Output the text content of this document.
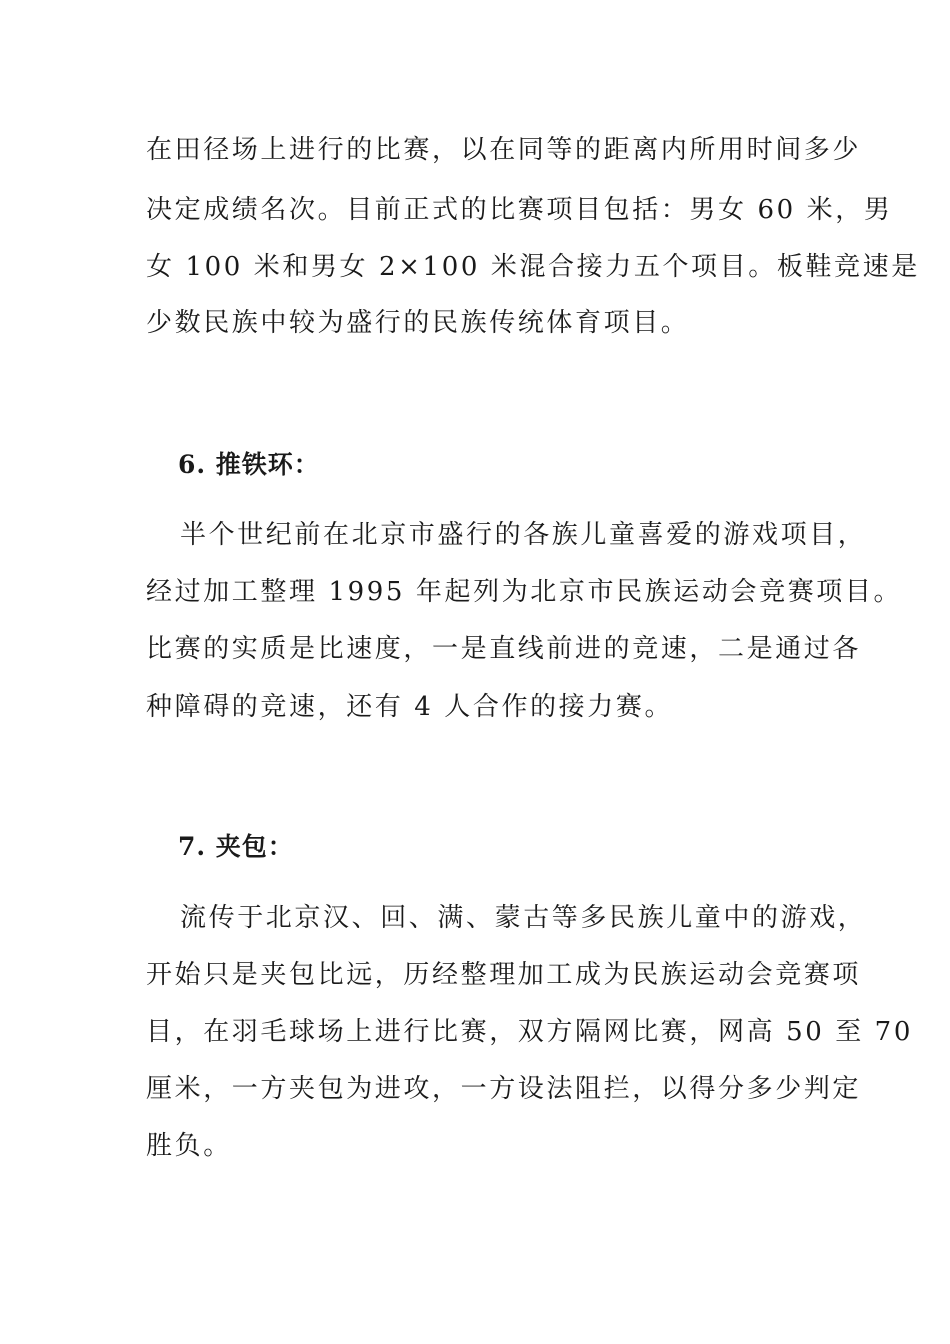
在田径场上进行的比赛，以在同等的距离内所用时间多少
决定成绩名次。目前正式的比赛项目包括：男女 60 米，男
女 100 米和男女 2×100 米混合接力五个项目。板鞋竞速是
少数民族中较为盛行的民族传统体育项目。
6. 推铁环：
半个世纪前在北京市盛行的各族儿童喜爱的游戏项目，
经过加工整理 1995 年起列为北京市民族运动会竞赛项目。
比赛的实质是比速度，一是直线前进的竞速，二是通过各
种障碍的竞速，还有 4 人合作的接力赛。
7. 夹包：
流传于北京汉、回、满、蒙古等多民族儿童中的游戏，
开始只是夹包比远，历经整理加工成为民族运动会竞赛项
目，在羽毛球场上进行比赛，双方隔网比赛，网高 50 至 70
厘米，一方夹包为进攻，一方设法阻拦，以得分多少判定
胜负。
